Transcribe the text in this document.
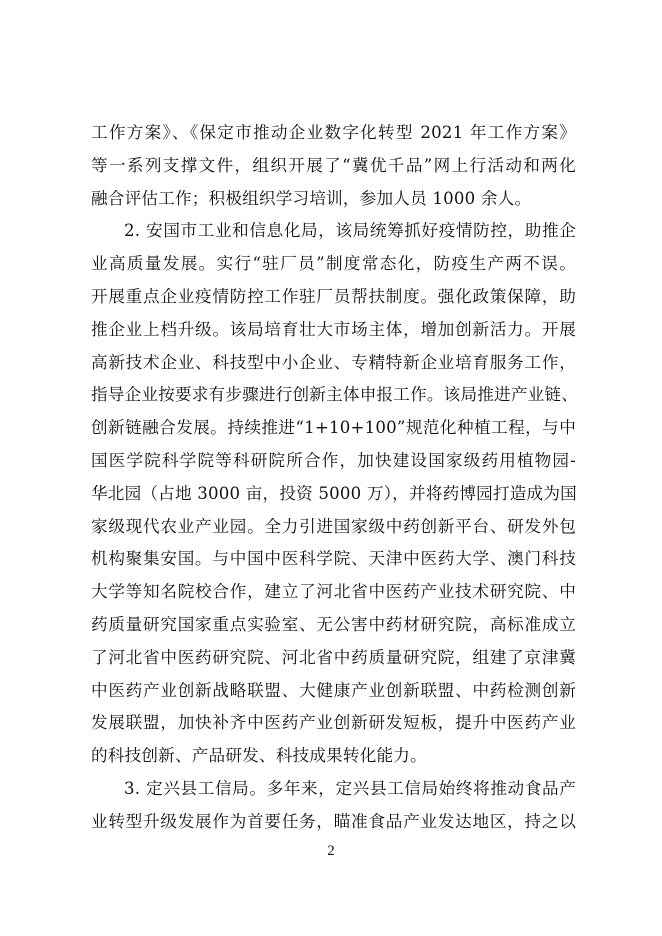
工作方案》、《保定市推动企业数字化转型 2021 年工作方案》
等一系列支撑文件，组织开展了“冀优千品”网上行活动和两化
融合评估工作；积极组织学习培训，参加人员 1000 余人。
2. 安国市工业和信息化局，该局统筹抓好疫情防控，助推企
业高质量发展。实行“驻厂员”制度常态化，防疫生产两不误。
开展重点企业疫情防控工作驻厂员帮扶制度。强化政策保障，助
推企业上档升级。该局培育壮大市场主体，增加创新活力。开展
高新技术企业、科技型中小企业、专精特新企业培育服务工作，
指导企业按要求有步骤进行创新主体申报工作。该局推进产业链、
创新链融合发展。持续推进“1+10+100”规范化种植工程，与中
国医学院科学院等科研院所合作，加快建设国家级药用植物园-
华北园（占地 3000 亩，投资 5000 万），并将药博园打造成为国
家级现代农业产业园。全力引进国家级中药创新平台、研发外包
机构聚集安国。与中国中医科学院、天津中医药大学、澳门科技
大学等知名院校合作，建立了河北省中医药产业技术研究院、中
药质量研究国家重点实验室、无公害中药材研究院，高标准成立
了河北省中医药研究院、河北省中药质量研究院，组建了京津冀
中医药产业创新战略联盟、大健康产业创新联盟、中药检测创新
发展联盟，加快补齐中医药产业创新研发短板，提升中医药产业
的科技创新、产品研发、科技成果转化能力。
3. 定兴县工信局。多年来，定兴县工信局始终将推动食品产
业转型升级发展作为首要任务，瞄准食品产业发达地区，持之以
2
